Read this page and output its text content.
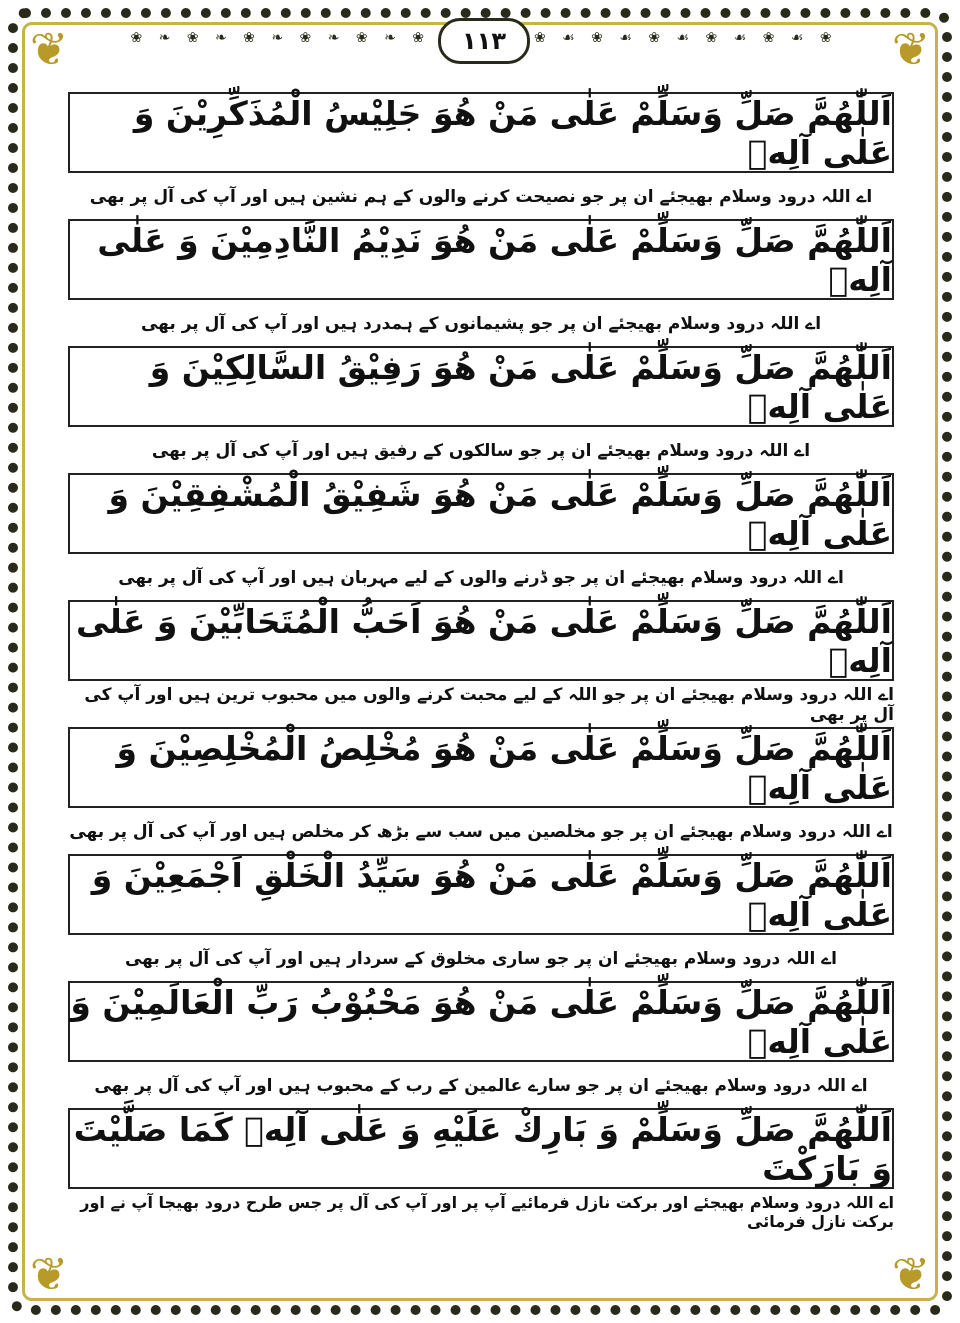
❦	❦
❦	❦
❀ ❧ ❀ ❧ ❀ ❧ ❀ ❧ ❀ ❧ ❀	❀ ☙ ❀ ☙ ❀ ☙ ❀ ☙ ❀ ☙ ❀
۱۱۳
اَللّٰهُمَّ صَلِّ وَسَلِّمْ عَلٰى مَنْ هُوَ جَلِيْسُ الْمُذَكِّرِيْنَ وَ عَلٰى آلِهٖ
اے اللہ درود وسلام بھیجئے ان پر جو نصیحت کرنے والوں کے ہم نشین ہیں اور آپ کی آل پر بھی
اَللّٰهُمَّ صَلِّ وَسَلِّمْ عَلٰى مَنْ هُوَ نَدِيْمُ النَّادِمِيْنَ وَ عَلٰى آلِهٖ
اے اللہ درود وسلام بھیجئے ان پر جو پشیمانوں کے ہمدرد ہیں اور آپ کی آل پر بھی
اَللّٰهُمَّ صَلِّ وَسَلِّمْ عَلٰى مَنْ هُوَ رَفِيْقُ السَّالِكِيْنَ وَ عَلٰى آلِهٖ
اے اللہ درود وسلام بھیجئے ان پر جو سالکوں کے رفیق ہیں اور آپ کی آل پر بھی
اَللّٰهُمَّ صَلِّ وَسَلِّمْ عَلٰى مَنْ هُوَ شَفِيْقُ الْمُشْفِقِيْنَ وَ عَلٰى آلِهٖ
اے اللہ درود وسلام بھیجئے ان پر جو ڈرنے والوں کے لیے مہربان ہیں اور آپ کی آل پر بھی
اَللّٰهُمَّ صَلِّ وَسَلِّمْ عَلٰى مَنْ هُوَ اَحَبُّ الْمُتَحَابِّيْنَ وَ عَلٰى آلِهٖ
اے اللہ درود وسلام بھیجئے ان پر جو اللہ کے لیے محبت کرنے والوں میں محبوب ترین ہیں اور آپ کی آل پر بھی
اَللّٰهُمَّ صَلِّ وَسَلِّمْ عَلٰى مَنْ هُوَ مُخْلِصُ الْمُخْلِصِيْنَ وَ عَلٰى آلِهٖ
اے اللہ درود وسلام بھیجئے ان پر جو مخلصین میں سب سے بڑھ کر مخلص ہیں اور آپ کی آل پر بھی
اَللّٰهُمَّ صَلِّ وَسَلِّمْ عَلٰى مَنْ هُوَ سَيِّدُ الْخَلْقِ اَجْمَعِيْنَ وَ عَلٰى آلِهٖ
اے اللہ درود وسلام بھیجئے ان پر جو ساری مخلوق کے سردار ہیں اور آپ کی آل پر بھی
اَللّٰهُمَّ صَلِّ وَسَلِّمْ عَلٰى مَنْ هُوَ مَحْبُوْبُ رَبِّ الْعَالَمِيْنَ وَ عَلٰى آلِهٖ
اے اللہ درود وسلام بھیجئے ان پر جو سارے عالمین کے رب کے محبوب ہیں اور آپ کی آل پر بھی
اَللّٰهُمَّ صَلِّ وَسَلِّمْ وَ بَارِكْ عَلَيْهِ وَ عَلٰى آلِهٖ كَمَا صَلَّيْتَ وَ بَارَكْتَ
اے اللہ درود وسلام بھیجئے اور برکت نازل فرمائیے آپ پر اور آپ کی آل پر جس طرح درود بھیجا آپ نے اور برکت نازل فرمائی
